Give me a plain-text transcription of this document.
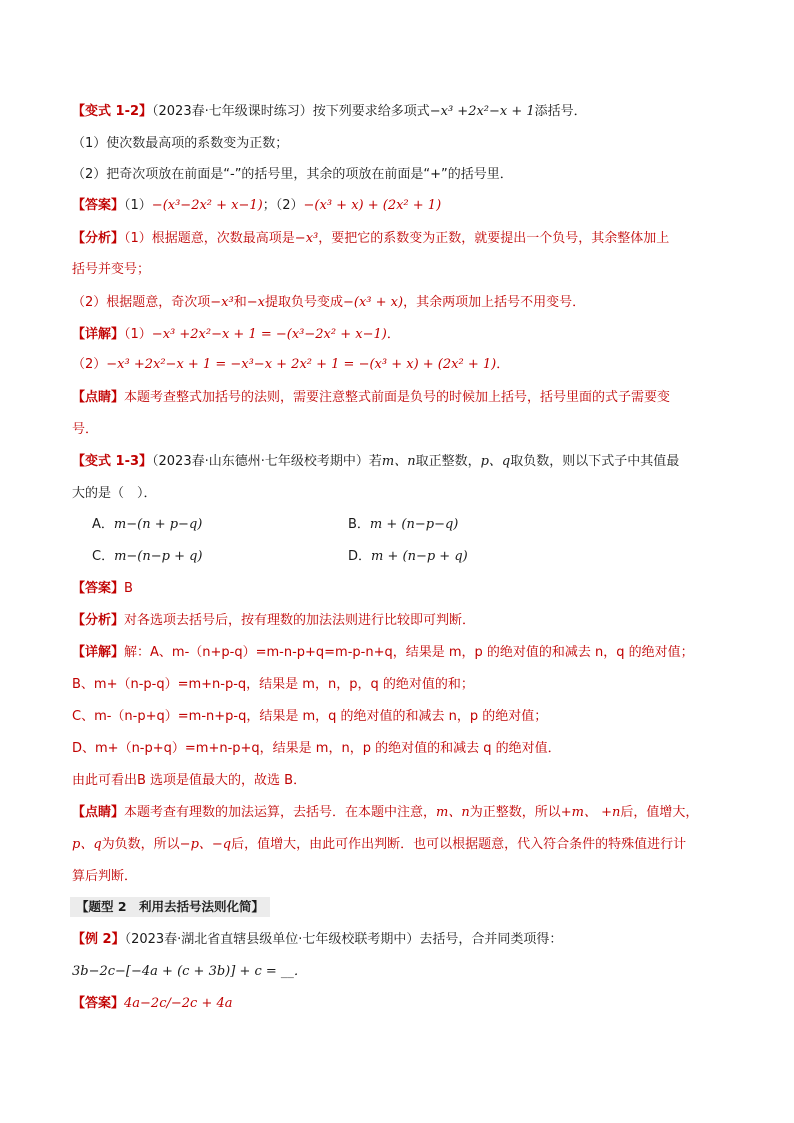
【变式 1-2】（2023春·七年级课时练习）按下列要求给多项式−x³ +2x²−x + 1添括号．
（1）使次数最高项的系数变为正数；
（2）把奇次项放在前面是“-”的括号里，其余的项放在前面是“+”的括号里．
【答案】（1）−(x³−2x² + x−1)；（2）−(x³ + x) + (2x² + 1)
【分析】（1）根据题意，次数最高项是−x³，要把它的系数变为正数，就要提出一个负号，其余整体加上
括号并变号；
（2）根据题意，奇次项−x³和−x提取负号变成−(x³ + x)，其余两项加上括号不用变号．
【详解】（1）−x³ +2x²−x + 1 = −(x³−2x² + x−1)．
（2）−x³ +2x²−x + 1 = −x³−x + 2x² + 1 = −(x³ + x) + (2x² + 1)．
【点睛】本题考查整式加括号的法则，需要注意整式前面是负号的时候加上括号，括号里面的式子需要变
号．
【变式 1-3】（2023春·山东德州·七年级校考期中）若m、n取正整数，p、q取负数，则以下式子中其值最
大的是（　）．
A．m−(n + p−q)	B．m + (n−p−q)
C．m−(n−p + q)	D．m + (n−p + q)
【答案】B
【分析】对各选项去括号后，按有理数的加法法则进行比较即可判断．
【详解】解：A、m-（n+p-q）=m-n-p+q=m-p-n+q，结果是 m，p 的绝对值的和减去 n，q 的绝对值；
B、m+（n-p-q）=m+n-p-q，结果是 m，n，p，q 的绝对值的和；
C、m-（n-p+q）=m-n+p-q，结果是 m，q 的绝对值的和减去 n，p 的绝对值；
D、m+（n-p+q）=m+n-p+q，结果是 m，n，p 的绝对值的和减去 q 的绝对值．
由此可看出B 选项是值最大的，故选 B．
【点睛】本题考查有理数的加法运算，去括号．在本题中注意，m、n为正整数，所以+m、 +n后，值增大，
p、q为负数，所以−p、−q后，值增大，由此可作出判断．也可以根据题意，代入符合条件的特殊值进行计
算后判断．
【题型 2　利用去括号法则化简】
【例 2】（2023春·湖北省直辖县级单位·七年级校联考期中）去括号，合并同类项得：
3b−2c−[−4a + (c + 3b)] + c = __．
【答案】4a−2c/−2c + 4a
